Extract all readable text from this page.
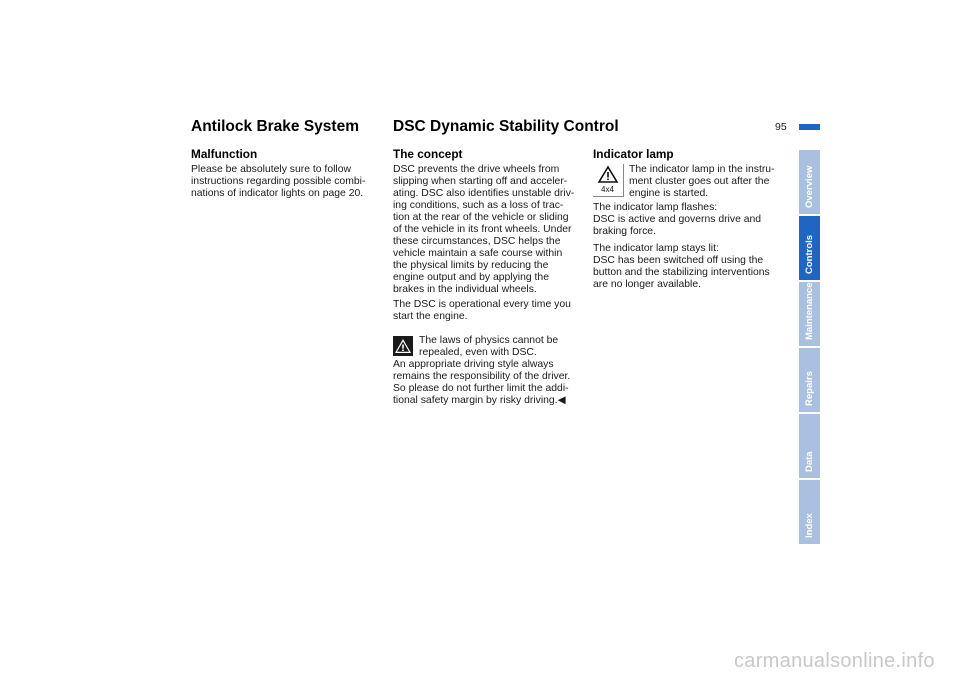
95
Antilock Brake System
Malfunction
Please be absolutely sure to follow
instructions regarding possible combi-
nations of indicator lights on page 20.
DSC Dynamic Stability Control
The concept
DSC prevents the drive wheels from
slipping when starting off and acceler-
ating. DSC also identifies unstable driv-
ing conditions, such as a loss of trac-
tion at the rear of the vehicle or sliding
of the vehicle in its front wheels. Under
these circumstances, DSC helps the
vehicle maintain a safe course within
the physical limits by reducing the
engine output and by applying the
brakes in the individual wheels.
The DSC is operational every time you
start the engine.
The laws of physics cannot be
repealed, even with DSC.
An appropriate driving style always
remains the responsibility of the driver.
So please do not further limit the addi-
tional safety margin by risky driving.◀
Indicator lamp
4x4
The indicator lamp in the instru-
ment cluster goes out after the
engine is started.
The indicator lamp flashes:
DSC is active and governs drive and
braking force.
The indicator lamp stays lit:
DSC has been switched off using the
button and the stabilizing interventions
are no longer available.
Overview
Controls
Maintenance
Repairs
Data
Index
carmanualsonline.info
